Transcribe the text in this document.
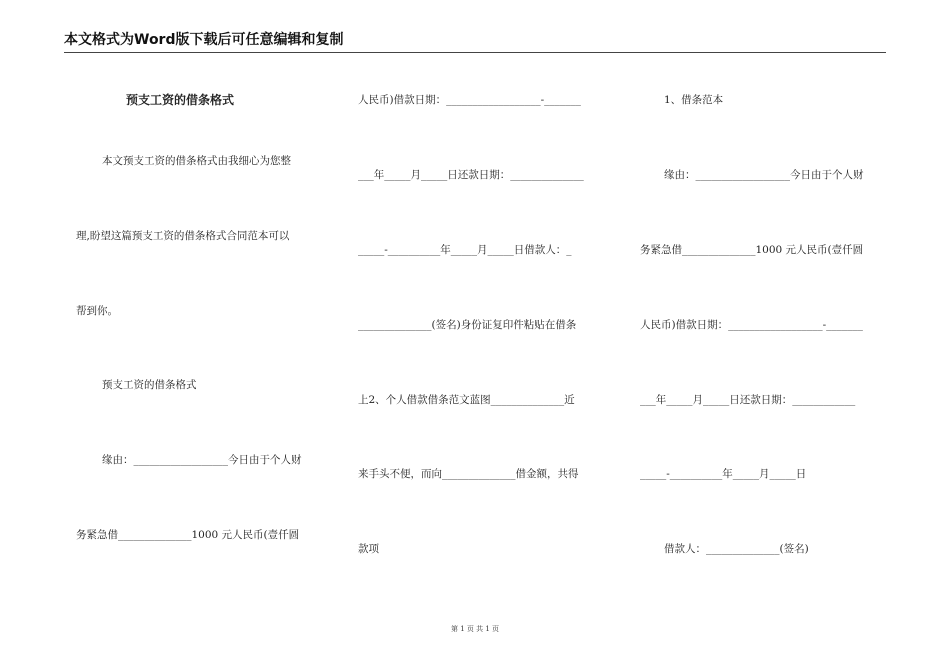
本文格式为Word版下载后可任意编辑和复制
预支工资的借条格式
本文预支工资的借条格式由我细心为您整
理,盼望这篇预支工资的借条格式合同范本可以
帮到你。
预支工资的借条格式
缘由：__________________今日由于个人财
务紧急借______________1000 元人民币(壹仟圆
人民币)借款日期：__________________-_______
___年_____月_____日还款日期：______________
_____-__________年_____月_____日借款人：_
______________(签名)身份证复印件粘贴在借条
上2、个人借款借条范文蓝图______________近
来手头不便，而向______________借金额，共得
款项
1、借条范本
缘由：__________________今日由于个人财
务紧急借______________1000 元人民币(壹仟圆
人民币)借款日期：__________________-_______
___年_____月_____日还款日期：____________
_____-__________年_____月_____日
借款人：______________(签名)
第 1 页 共 1 页
